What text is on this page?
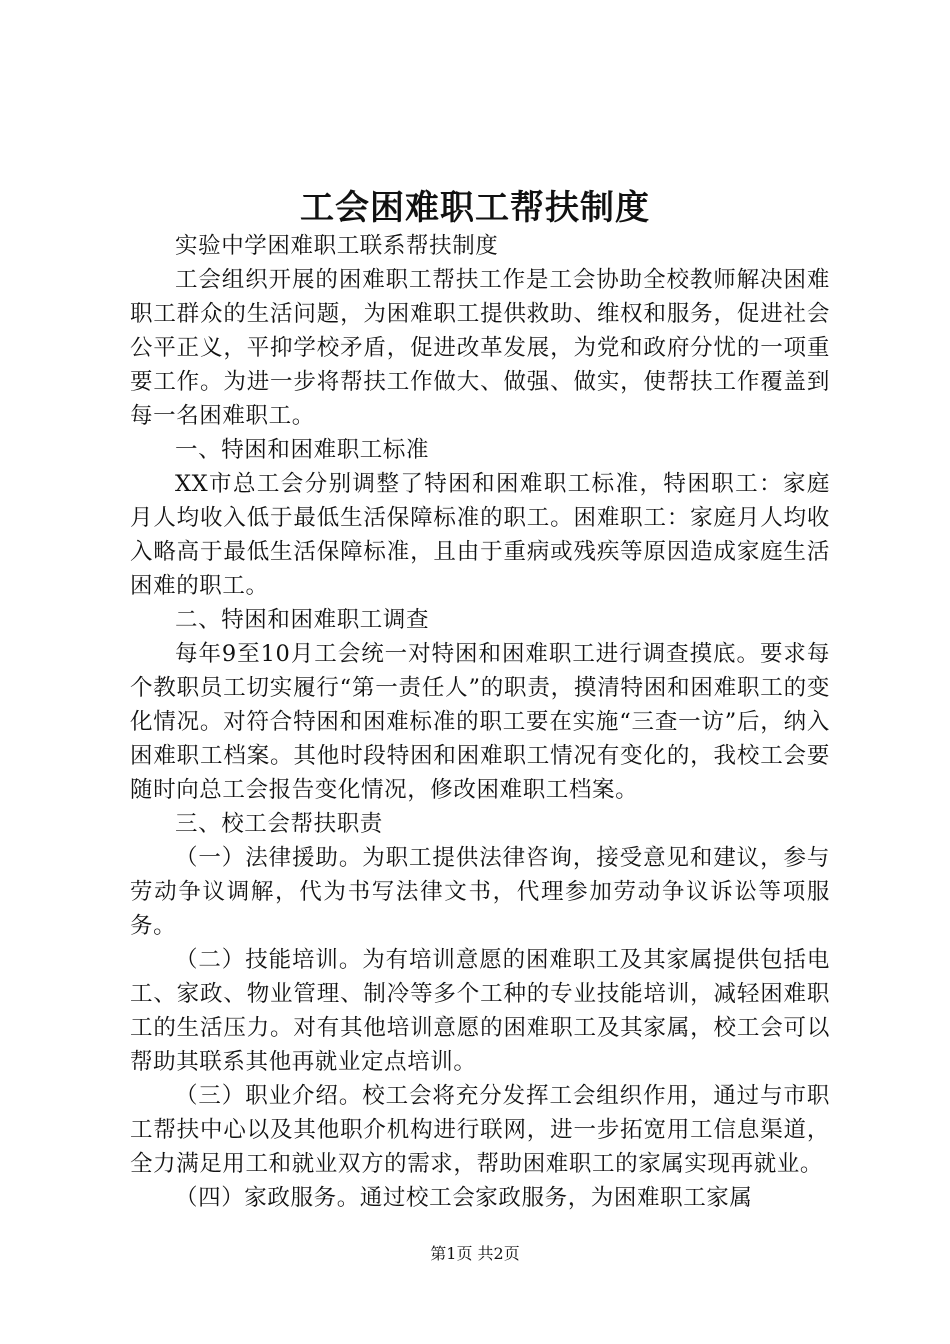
工会困难职工帮扶制度

实验中学困难职工联系帮扶制度

工会组织开展的困难职工帮扶工作是工会协助全校教师解决困难职工群众的生活问题，为困难职工提供救助、维权和服务，促进社会公平正义，平抑学校矛盾，促进改革发展，为党和政府分忧的一项重要工作。为进一步将帮扶工作做大、做强、做实，使帮扶工作覆盖到每一名困难职工。

一、特困和困难职工标准

XX市总工会分别调整了特困和困难职工标准，特困职工：家庭月人均收入低于最低生活保障标准的职工。困难职工：家庭月人均收入略高于最低生活保障标准，且由于重病或残疾等原因造成家庭生活困难的职工。

二、特困和困难职工调查

每年9至10月工会统一对特困和困难职工进行调查摸底。要求每个教职员工切实履行“第一责任人”的职责，摸清特困和困难职工的变化情况。对符合特困和困难标准的职工要在实施“三查一访”后，纳入困难职工档案。其他时段特困和困难职工情况有变化的，我校工会要随时向总工会报告变化情况，修改困难职工档案。

三、校工会帮扶职责

（一）法律援助。为职工提供法律咨询，接受意见和建议，参与劳动争议调解，代为书写法律文书，代理参加劳动争议诉讼等项服务。

（二）技能培训。为有培训意愿的困难职工及其家属提供包括电工、家政、物业管理、制冷等多个工种的专业技能培训，减轻困难职工的生活压力。对有其他培训意愿的困难职工及其家属，校工会可以帮助其联系其他再就业定点培训。

（三）职业介绍。校工会将充分发挥工会组织作用，通过与市职工帮扶中心以及其他职介机构进行联网，进一步拓宽用工信息渠道，全力满足用工和就业双方的需求，帮助困难职工的家属实现再就业。

（四）家政服务。通过校工会家政服务，为困难职工家属

第1页 共2页
